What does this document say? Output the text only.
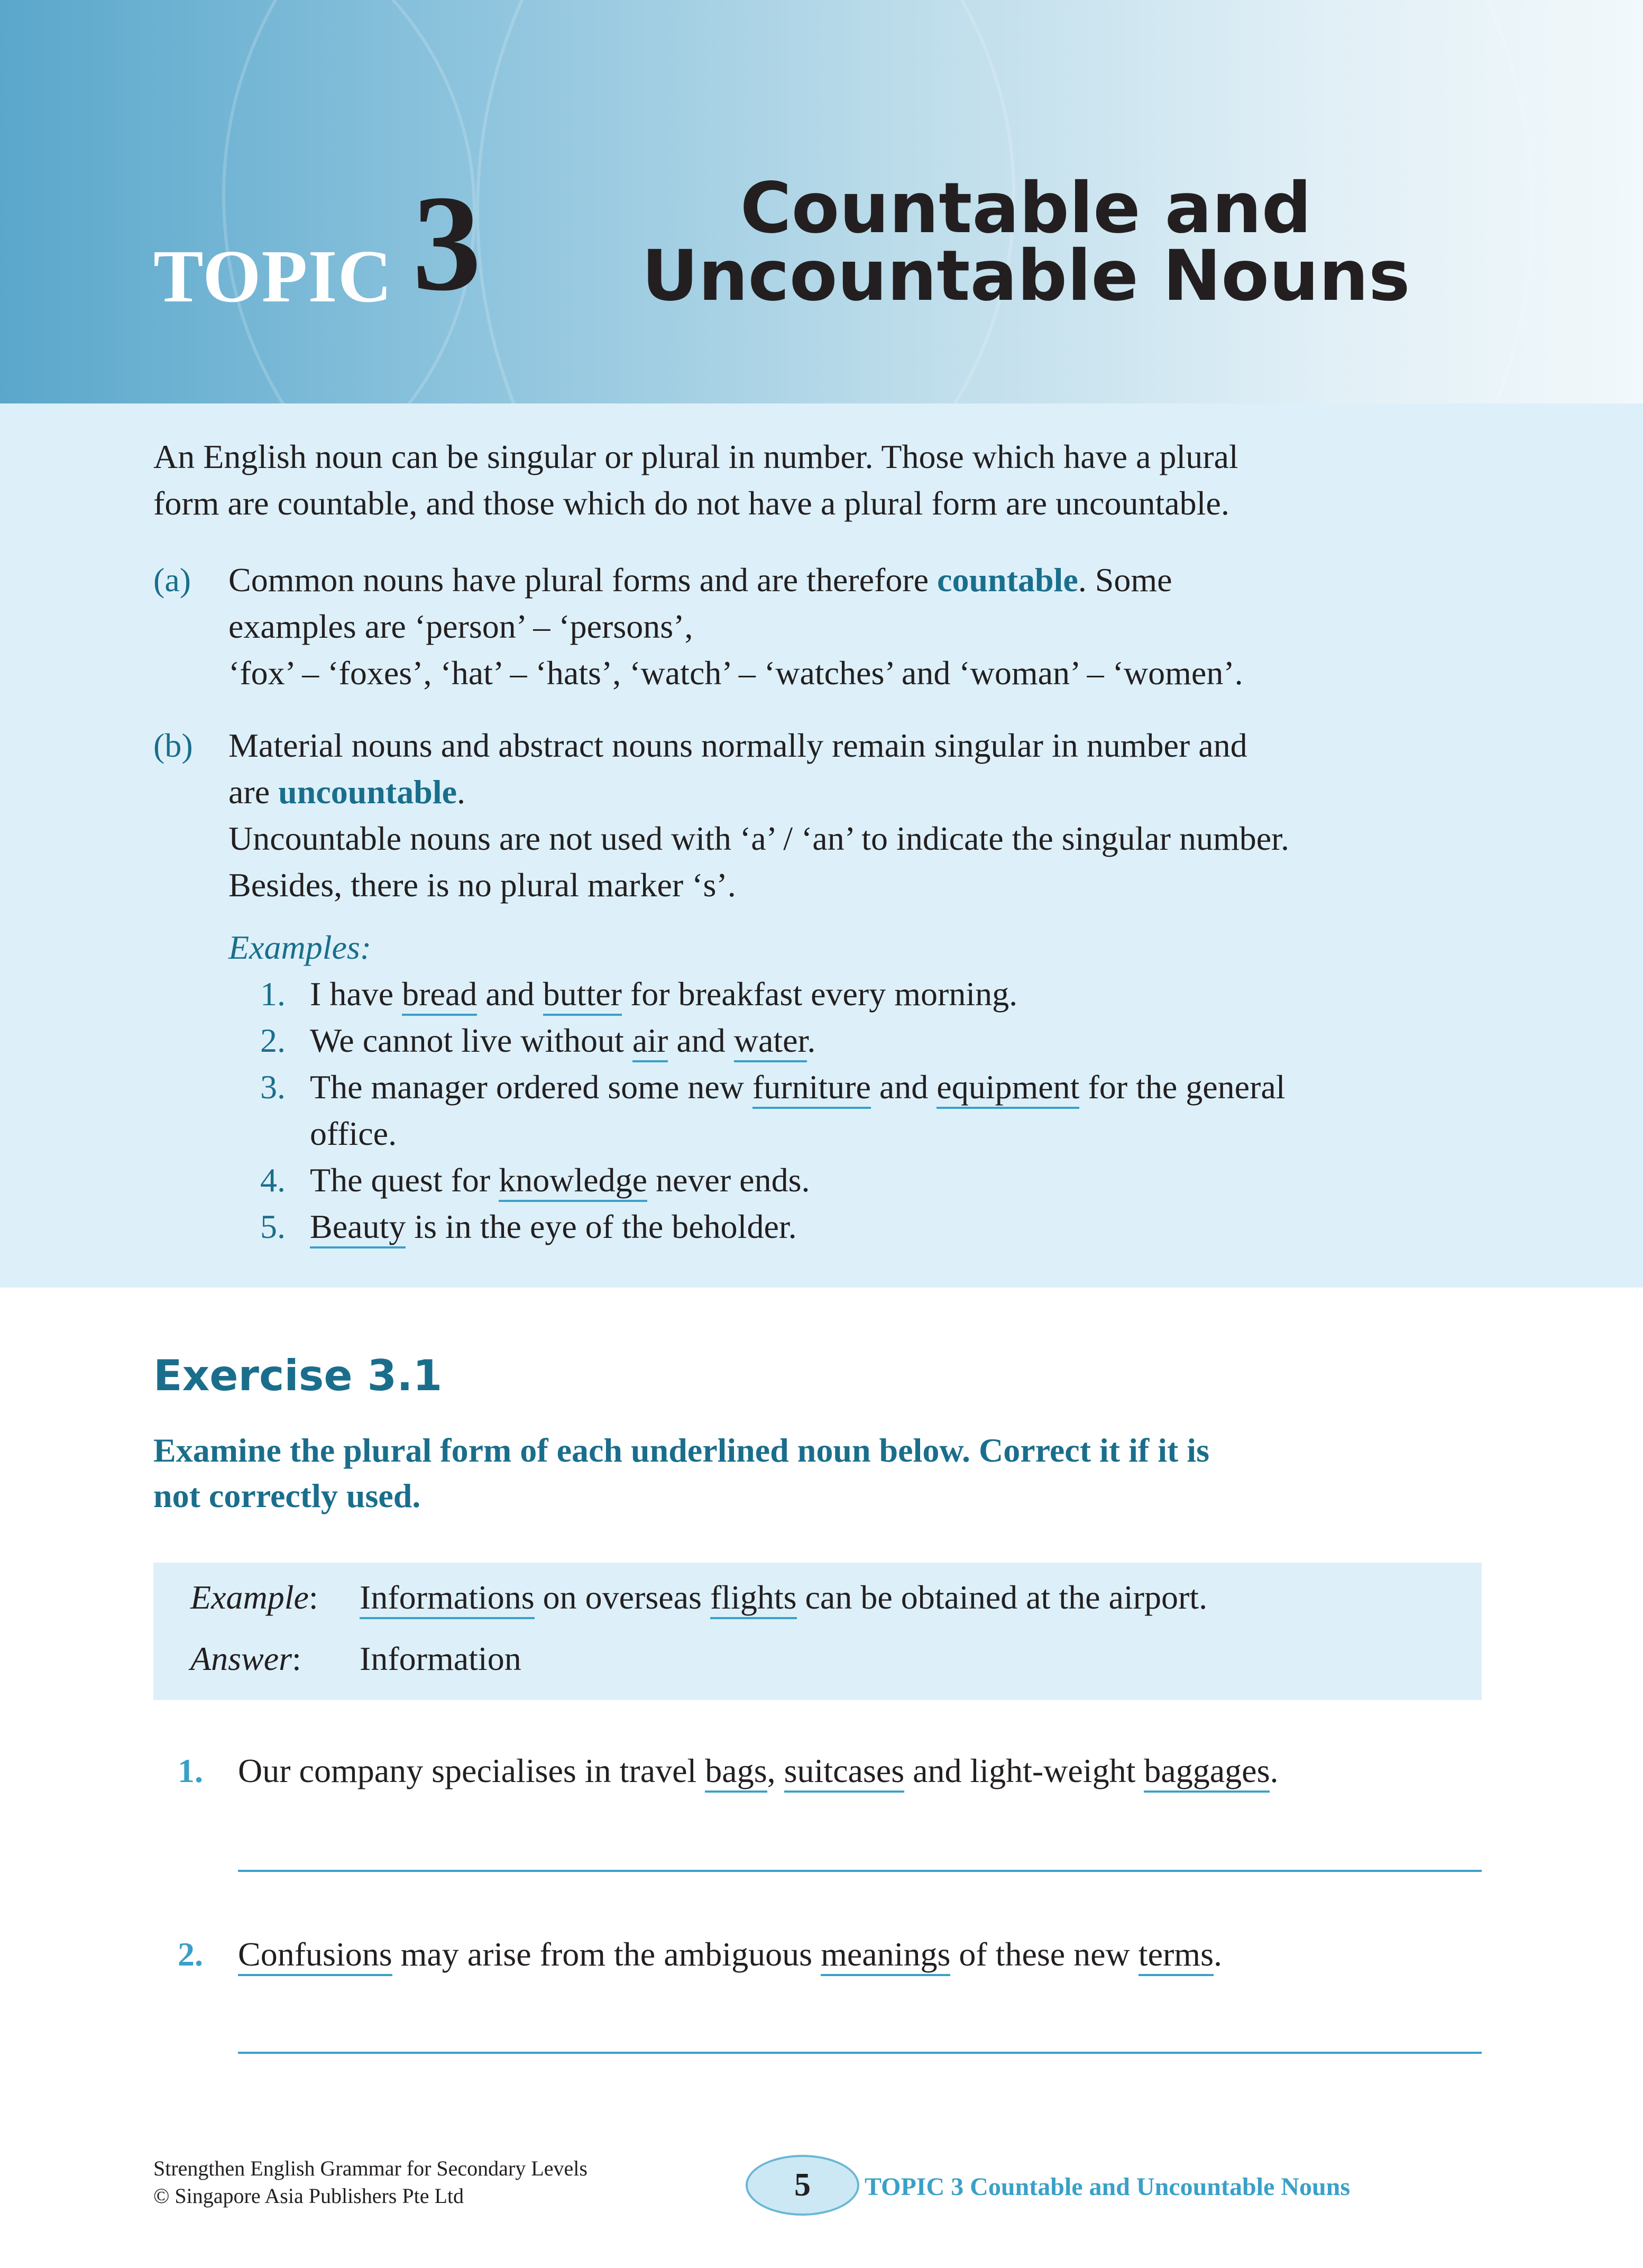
TOPIC 3	Countable and
Uncountable Nouns
An English noun can be singular or plural in number. Those which have a plural
form are countable, and those which do not have a plural form are uncountable.
(a) Common nouns have plural forms and are therefore countable. Some
examples are ‘person’ – ‘persons’,
‘fox’ – ‘foxes’, ‘hat’ – ‘hats’, ‘watch’ – ‘watches’ and ‘woman’ – ‘women’.
(b) Material nouns and abstract nouns normally remain singular in number and
are uncountable.
Uncountable nouns are not used with ‘a’ / ‘an’ to indicate the singular number.
Besides, there is no plural marker ‘s’.
Examples:
1. I have bread and butter for breakfast every morning.
2. We cannot live without air and water.
3. The manager ordered some new furniture and equipment for the general
office.
4. The quest for knowledge never ends.
5. Beauty is in the eye of the beholder.
Exercise 3.1
Examine the plural form of each underlined noun below. Correct it if it is
not correctly used.
Example: Informations on overseas flights can be obtained at the airport.
Answer: Information
1. Our company specialises in travel bags, suitcases and light-weight baggages.
2. Confusions may arise from the ambiguous meanings of these new terms.
Strengthen English Grammar for Secondary Levels
© Singapore Asia Publishers Pte Ltd	5 TOPIC 3 Countable and Uncountable Nouns
